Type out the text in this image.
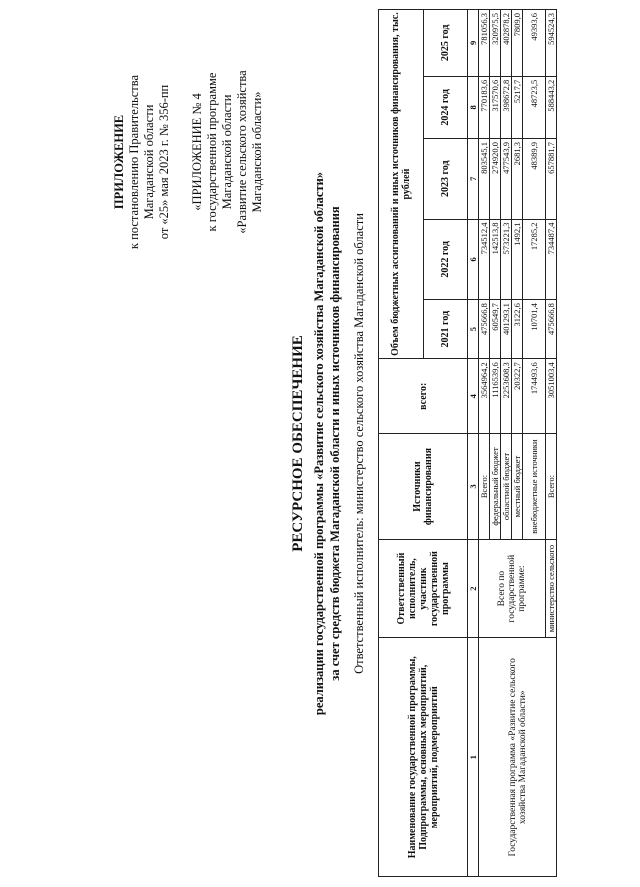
ПРИЛОЖЕНИЕ к постановлению Правительства Магаданской области от «25» мая 2023 г. № 356-пп «ПРИЛОЖЕНИЕ № 4 к государственной программе Магаданской области «Развитие сельского хозяйства Магаданской области»
РЕСУРСНОЕ ОБЕСПЕЧЕНИЕ реализации государственной программы «Развитие сельского хозяйства Магаданской области» за счет средств бюджета Магаданской области и иных источников финансирования Ответственный исполнитель: министерство сельского хозяйства Магаданской области
Наименование государственной программы, Подпрограммы, основных мероприятий, мероприятий, подмероприятий	Ответственный исполнитель, участник государственной программы	Источники финансирования	всего:	Объем бюджетных ассигнований и иных источников финансирования, тыс. рублей				
				2021 год	2022 год	2023 год	2024 год	2025 год
1	2	3	4	5	6	7	8	9
Государственная программа «Развитие сельского хозяйства Магаданской области»	Всего по государственной программе:	Всего:	3564964,2	475666,8	734512,4	803545,1	770183,6	781056,3
		федеральный бюджет	1116539,6	60549,7	142513,8	274920,0	317570,6	320975,5
		областной бюджет	2253608,3	401293,1	573221,3	477543,9	398672,8	402878,2
		местный бюджет	20322,7	3122,6	1492,1	2681,3	5217,7	7809,0
		внебюджетные источники	174493,6	10701,4	17285,2	48389,9	48723,5	49393,6
	министерство сельского	Всего:	3051003,4	475666,8	734487,4	657881,7	588443,2	594524,3
